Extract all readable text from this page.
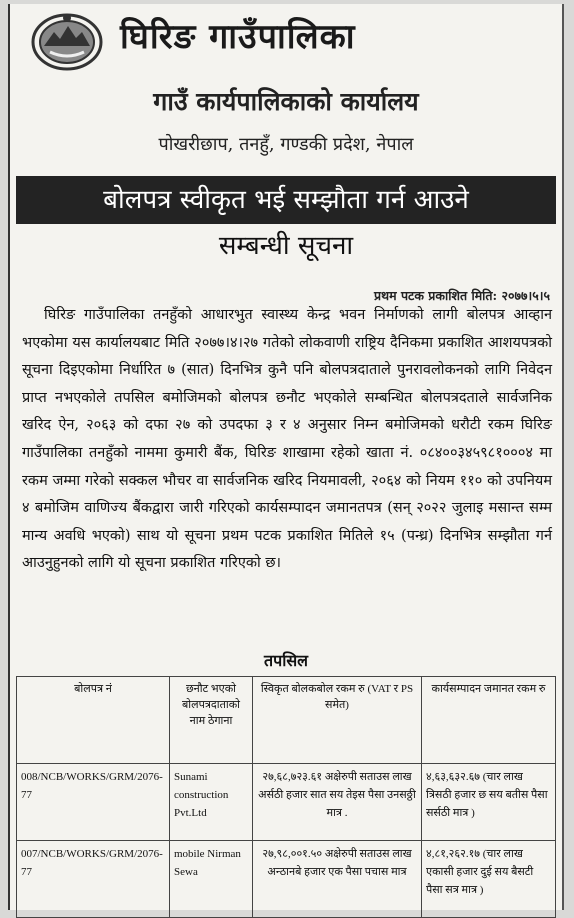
घिरिङ गाउँपालिका
गाउँ कार्यपालिकाको कार्यालय
पोखरीछाप, तनहुँ, गण्डकी प्रदेश, नेपाल
बोलपत्र स्वीकृत भई सम्झौता गर्न आउने
सम्बन्धी सूचना
प्रथम पटक प्रकाशित मिति: २०७७।५।५
घिरिङ गाउँपालिका तनहुँको आधारभुत स्वास्थ्य केन्द्र भवन निर्माणको लागी बोलपत्र आव्हान भएकोमा यस कार्यालयबाट मिति २०७७।४।२७ गतेको लोकवाणी राष्ट्रिय दैनिकमा प्रकाशित आशयपत्रको सूचना दिइएकोमा निर्धारित ७ (सात) दिनभित्र कुनै पनि बोलपत्रदाताले पुनरावलोकनको लागि निवेदन प्राप्त नभएकोले तपसिल बमोजिमको बोलपत्र छनौट भएकोले सम्बन्धित बोलपत्रदताले सार्वजनिक खरिद ऐन, २०६३ को दफा २७ को उपदफा ३ र ४ अनुसार निम्न बमोजिमको धरौटी रकम घिरिङ गाउँपालिका तनहुँको नाममा कुमारी बैंक, घिरिङ शाखामा रहेको खाता नं. ०८४००३४५९८१०००४ मा रकम जम्मा गरेको सक्कल भौचर वा सार्वजनिक खरिद नियमावली, २०६४ को नियम ११० को उपनियम ४ बमोजिम वाणिज्य बैंकद्वारा जारी गरिएको कार्यसम्पादन जमानतपत्र (सन् २०२२ जुलाइ मसान्त सम्म मान्य अवधि भएको) साथ यो सूचना प्रथम पटक प्रकाशित मितिले १५ (पन्ध्र) दिनभित्र सम्झौता गर्न आउनुहुनको लागि यो सूचना प्रकाशित गरिएको छ।
तपसिल
बोलपत्र नं	छनौट भएको बोलपत्रदाताको नाम ठेगाना	स्विकृत बोलकबोल रकम रु (VAT र PS समेत)	कार्यसम्पादन जमानत रकम रु
008/NCB/WORKS/GRM/2076-77	Sunami construction Pvt.Ltd	२७,६८,७२३.६१ अक्षेरुपी सताउस लाख अर्सठी हजार सात सय तेइस पैसा उनसठ्ठी मात्र .	४,६३,६३२.६७ (चार लाख त्रिसठी हजार छ सय बतीस पैसा सर्सठी मात्र )
007/NCB/WORKS/GRM/2076-77	mobile Nirman Sewa	२७,९८,००१.५० अक्षेरुपी सताउस लाख अन्ठानबे हजार एक पैसा पचास मात्र	४,८१,२६२.१७ (चार लाख एकासी हजार दुई सय बैसटी पैसा सत्र मात्र )
